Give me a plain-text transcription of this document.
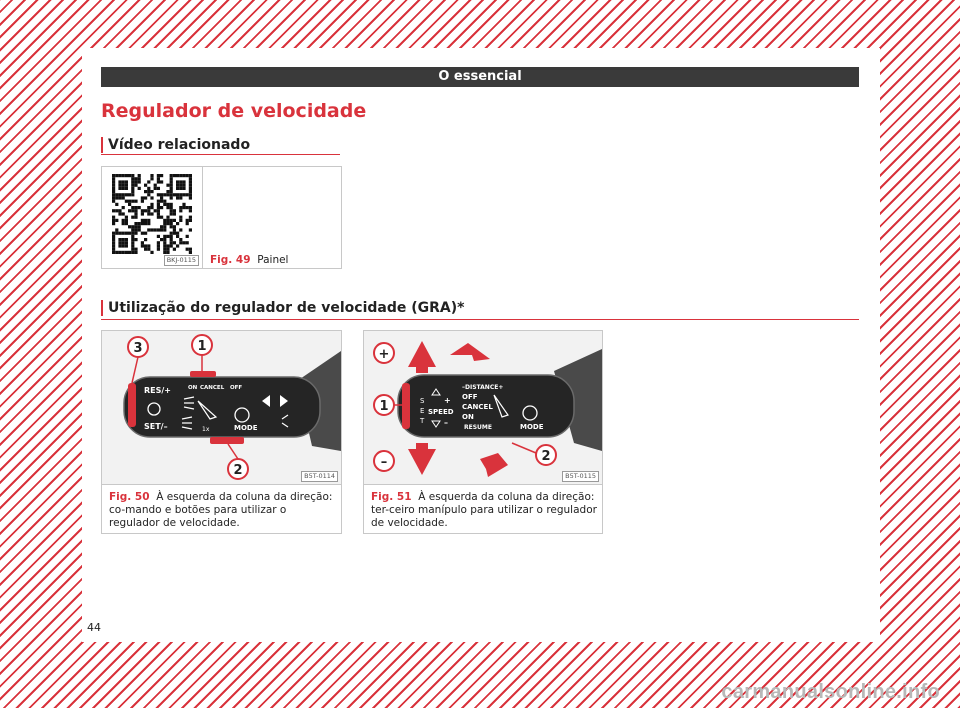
O essencial
Regulador de velocidade
Vídeo relacionado
BKJ-0115 Fig. 49 Painel
Utilização do regulador de velocidade (GRA)*
RES/+
SET/–
ON CANCEL OFF
MODE
1x
3	1
2	B5T-0114
Fig. 50 À esquerda da coluna da direção: co-mando e botões para utilizar o regulador de velocidade.
–DISTANCE+
S
E
T
+
–
SPEED
OFF
CANCEL
ON
RESUME	MODE
+
1
–	2
B5T-0115
Fig. 51 À esquerda da coluna da direção: ter-ceiro manípulo para utilizar o regulador de velocidade.
44
carmanualsonline.info
